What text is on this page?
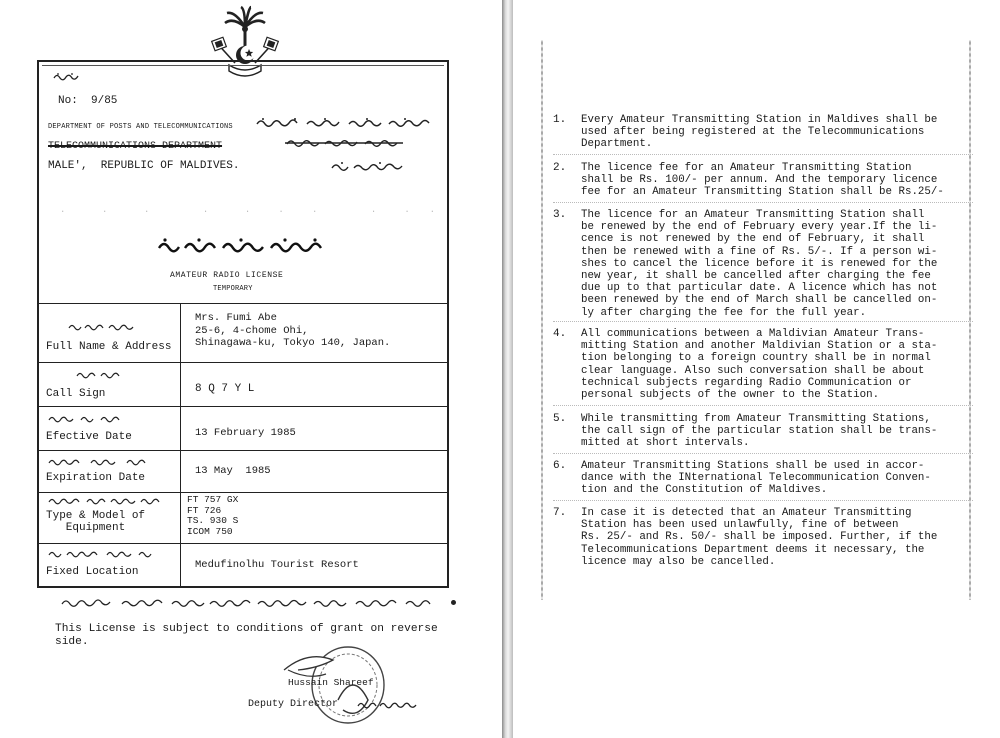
No:  9/85
DEPARTMENT OF POSTS AND TELECOMMUNICATIONS
TELECOMMUNICATIONS DEPARTMENT
MALE',  REPUBLIC OF MALDIVES.
.    .    .      .    .   .   .      .   .  .
AMATEUR RADIO LICENSE
TEMPORARY
Full Name & Address
Mrs. Fumi Abe
25-6, 4-chome Ohi,
Shinagawa-ku, Tokyo 140, Japan.
Call Sign	8 Q 7 Y L
Efective Date	13 February 1985
Expiration Date
13 May  1985
Type & Model of
Equipment
FT 757 GX
FT 726
TS. 930 S
ICOM 750
Fixed Location
Medufinolhu Tourist Resort
This License is subject to conditions of grant on reverse
side.
Hussain Shareef
Deputy Director
1. Every Amateur Transmitting Station in Maldives shall be
used after being registered at the Telecommunications
Department.
2. The licence fee for an Amateur Transmitting Station
shall be Rs. 100/- per annum. And the temporary licence
fee for an Amateur Transmitting Station shall be Rs.25/-
3. The licence for an Amateur Transmitting Station shall
be renewed by the end of February every year.If the li-
cence is not renewed by the end of February, it shall
then be renewed with a fine of Rs. 5/-. If a person wi-
shes to cancel the licence before it is renewed for the
new year, it shall be cancelled after charging the fee
due up to that particular date. A licence which has not
been renewed by the end of March shall be cancelled on-
ly after charging the fee for the full year.
4. All communications between a Maldivian Amateur Trans-
mitting Station and another Maldivian Station or a sta-
tion belonging to a foreign country shall be in normal
clear language. Also such conversation shall be about
technical subjects regarding Radio Communication or
personal subjects of the owner to the Station.
5. While transmitting from Amateur Transmitting Stations,
the call sign of the particular station shall be trans-
mitted at short intervals.
6. Amateur Transmitting Stations shall be used in accor-
dance with the INternational Telecommunication Conven-
tion and the Constitution of Maldives.
7. In case it is detected that an Amateur Transmitting
Station has been used unlawfully, fine of between
Rs. 25/- and Rs. 50/- shall be imposed. Further, if the
Telecommunications Department deems it necessary, the
licence may also be cancelled.
